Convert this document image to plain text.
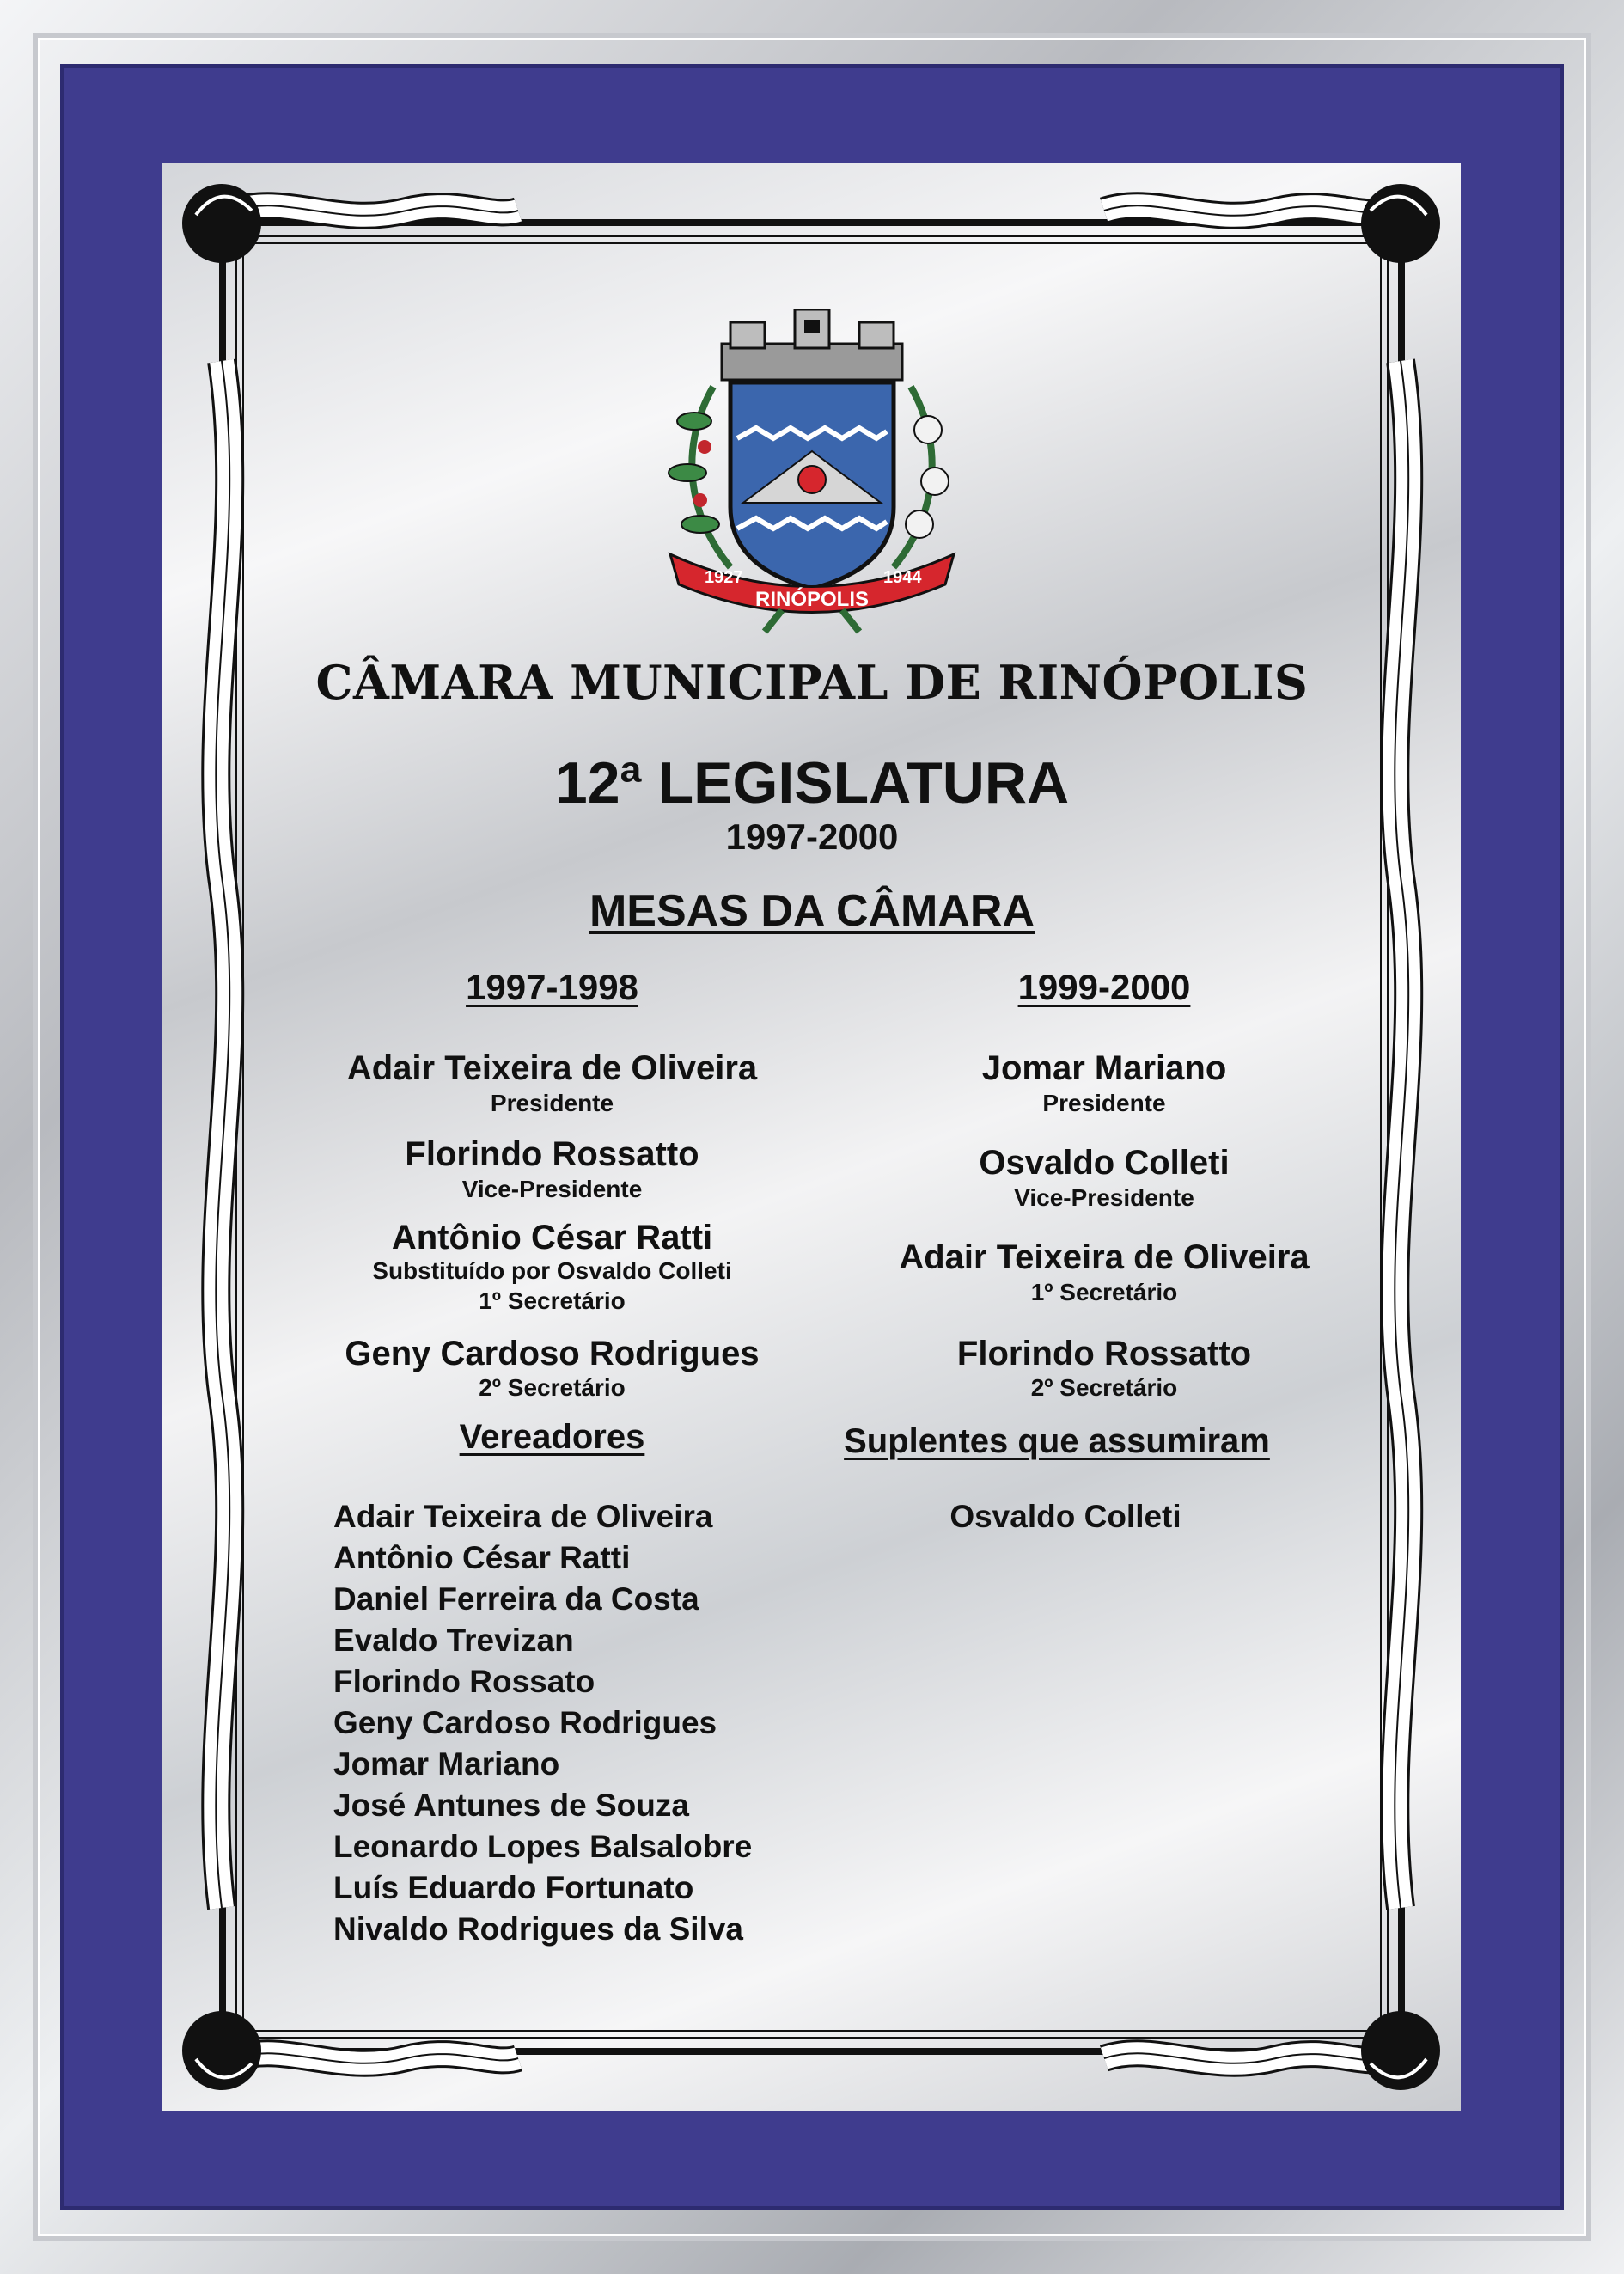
1927
RINÓPOLIS
1944
CÂMARA MUNICIPAL DE RINÓPOLIS
12ª LEGISLATURA
1997-2000
MESAS DA CÂMARA
1997-1998
Adair Teixeira de Oliveira
Presidente
Florindo Rossatto
Vice-Presidente
Antônio César Ratti
Substituído por Osvaldo Colleti
1º Secretário
Geny Cardoso Rodrigues
2º Secretário
Vereadores
Adair Teixeira de Oliveira
Antônio César Ratti
Daniel Ferreira da Costa
Evaldo Trevizan
Florindo Rossato
Geny Cardoso Rodrigues
Jomar Mariano
José Antunes de Souza
Leonardo Lopes Balsalobre
Luís Eduardo Fortunato
Nivaldo Rodrigues da Silva
1999-2000
Jomar Mariano
Presidente
Osvaldo Colleti
Vice-Presidente
Adair Teixeira de Oliveira
1º Secretário
Florindo Rossatto
2º Secretário
Suplentes que assumiram
Osvaldo Colleti
